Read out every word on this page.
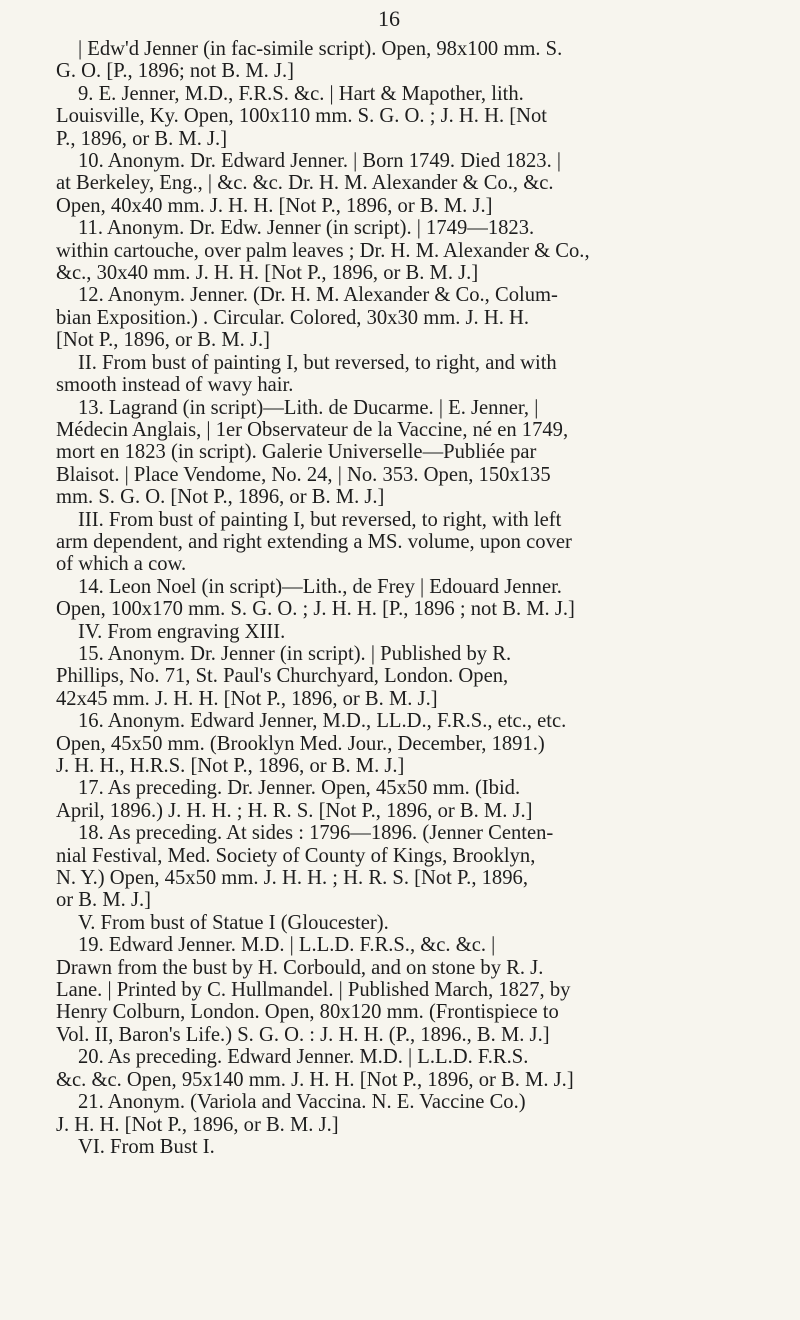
16
| Edw'd Jenner (in fac-simile script). Open, 98x100 mm. S.
G. O. [P., 1896; not B. M. J.]
9. E. Jenner, M.D., F.R.S. &c. | Hart & Mapother, lith.
Louisville, Ky. Open, 100x110 mm. S. G. O. ; J. H. H. [Not
P., 1896, or B. M. J.]
10. Anonym. Dr. Edward Jenner. | Born 1749. Died 1823. |
at Berkeley, Eng., | &c. &c. Dr. H. M. Alexander & Co., &c.
Open, 40x40 mm. J. H. H. [Not P., 1896, or B. M. J.]
11. Anonym. Dr. Edw. Jenner (in script). | 1749—1823.
within cartouche, over palm leaves ; Dr. H. M. Alexander & Co.,
&c., 30x40 mm. J. H. H. [Not P., 1896, or B. M. J.]
12. Anonym. Jenner. (Dr. H. M. Alexander & Co., Colum-
bian Exposition.) . Circular. Colored, 30x30 mm. J. H. H.
[Not P., 1896, or B. M. J.]
II. From bust of painting I, but reversed, to right, and with
smooth instead of wavy hair.
13. Lagrand (in script)—Lith. de Ducarme. | E. Jenner, |
Médecin Anglais, | 1er Observateur de la Vaccine, né en 1749,
mort en 1823 (in script). Galerie Universelle—Publiée par
Blaisot. | Place Vendome, No. 24, | No. 353. Open, 150x135
mm. S. G. O. [Not P., 1896, or B. M. J.]
III. From bust of painting I, but reversed, to right, with left
arm dependent, and right extending a MS. volume, upon cover
of which a cow.
14. Leon Noel (in script)—Lith., de Frey | Edouard Jenner.
Open, 100x170 mm. S. G. O. ; J. H. H. [P., 1896 ; not B. M. J.]
IV. From engraving XIII.
15. Anonym. Dr. Jenner (in script). | Published by R.
Phillips, No. 71, St. Paul's Churchyard, London. Open,
42x45 mm. J. H. H. [Not P., 1896, or B. M. J.]
16. Anonym. Edward Jenner, M.D., LL.D., F.R.S., etc., etc.
Open, 45x50 mm. (Brooklyn Med. Jour., December, 1891.)
J. H. H., H.R.S. [Not P., 1896, or B. M. J.]
17. As preceding. Dr. Jenner. Open, 45x50 mm. (Ibid.
April, 1896.) J. H. H. ; H. R. S. [Not P., 1896, or B. M. J.]
18. As preceding. At sides : 1796—1896. (Jenner Centen-
nial Festival, Med. Society of County of Kings, Brooklyn,
N. Y.) Open, 45x50 mm. J. H. H. ; H. R. S. [Not P., 1896,
or B. M. J.]
V. From bust of Statue I (Gloucester).
19. Edward Jenner. M.D. | L.L.D. F.R.S., &c. &c. |
Drawn from the bust by H. Corbould, and on stone by R. J.
Lane. | Printed by C. Hullmandel. | Published March, 1827, by
Henry Colburn, London. Open, 80x120 mm. (Frontispiece to
Vol. II, Baron's Life.) S. G. O. : J. H. H. (P., 1896., B. M. J.]
20. As preceding. Edward Jenner. M.D. | L.L.D. F.R.S.
&c. &c. Open, 95x140 mm. J. H. H. [Not P., 1896, or B. M. J.]
21. Anonym. (Variola and Vaccina. N. E. Vaccine Co.)
J. H. H. [Not P., 1896, or B. M. J.]
VI. From Bust I.
